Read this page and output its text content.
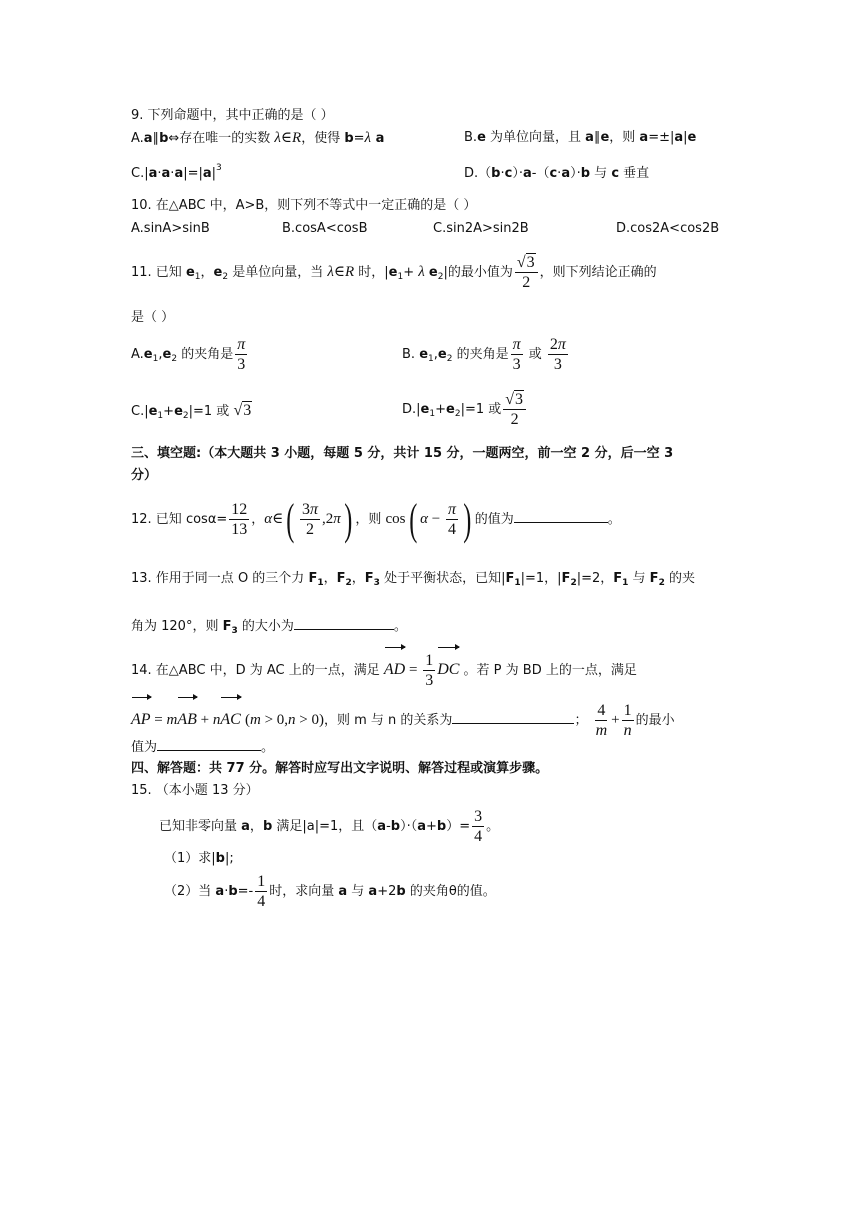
9. 下列命题中，其中正确的是（ ）
A.a∥b⇔存在唯一的实数 λ∈R，使得 b=λ a	B.e 为单位向量，且 a∥e，则 a=±|a|e
$C.|a\cdot a\cdot a|=|a|^3$	D.（b·c）·a-（c·a）·b 与 c 垂直
10. 在△ABC 中，A>B，则下列不等式中一定正确的是（ ）
A.sinA>sinB	B.cosA<cosB	C.sin2A>sin2B	D.cos2A<cos2B
11. 已知 $e_1$，$e_2$ 是单位向量，当 λ∈R 时，$|e_1+ \lambda$ $e_2|$的最小值为 $\frac{√3}{2}$ ，则下列结论正确的
是（ ）
$A.e_1,e_2$ 的夹角是 $\frac{\pi}{3}$	B. $e_1,e_2$ 的夹角是 $\frac{\pi}{3}$ 或 $\frac{2\pi}{3}$
$C.|e_1+e_2|=1$ 或 √3	$D.|e_1+e_2|=1$ 或 $\frac{√3}{2}$
三、填空题:（本大题共 3 小题，每题 5 分，共计 15 分，一题两空，前一空 2 分，后一空 3
分）
12. 已知 $\cos\alpha= \frac{12}{13}$ ，α∈( $\frac{3\pi}{2} ,2\pi$) ，则 cos( $\alpha - \frac{\pi}{4}$ ) 的值为	。
13. 作用于同一点 O 的三个力 $F_1$，$F_2$，$F_3$ 处于平衡状态，已知$|F_1|=1$，$|F_2|=2$，$F_1$ 与 $F_2$ 的夹
角为 120°，则 $F_3$ 的大小为	。
14. 在△ABC 中，D 为 AC 上的一点，满足 AD = $\frac{1}{3}$ DC 。若 P 为 BD 上的一点，满足
AP = mAB + nAC (m > 0,n > 0)，则 m 与 n 的关系为	； $\frac{4}{m} + \frac{1}{n}$ 的最小
值为	。
四、解答题：共 77 分。解答时应写出文字说明、解答过程或演算步骤。
15. （本小题 13 分）
已知非零向量 a，b 满足|a|=1，且$(a-b)\cdot(a+b)= \frac{3}{4}$ 。
（1）求|b|;
（2）当 $a\cdot b=- \frac{1}{4}$ 时，求向量 a 与 a+2b 的夹角θ的值。
